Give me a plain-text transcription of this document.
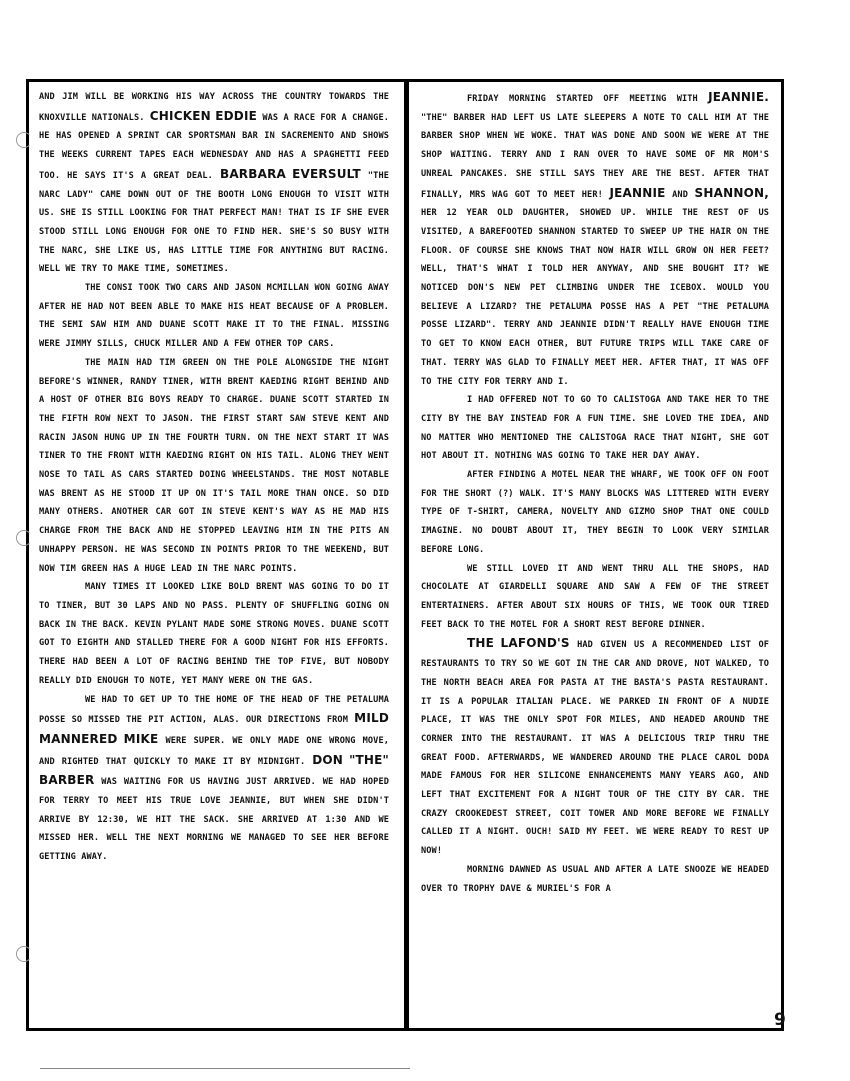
AND JIM WILL BE WORKING HIS WAY ACROSS THE COUNTRY TOWARDS THE KNOXVILLE NATIONALS. CHICKEN EDDIE WAS A RACE FOR A CHANGE. HE HAS OPENED A SPRINT CAR SPORTSMAN BAR IN SACREMENTO AND SHOWS THE WEEKS CURRENT TAPES EACH WEDNESDAY AND HAS A SPAGHETTI FEED TOO. HE SAYS IT'S A GREAT DEAL. BARBARA EVERSULT "THE NARC LADY" CAME DOWN OUT OF THE BOOTH LONG ENOUGH TO VISIT WITH US. SHE IS STILL LOOKING FOR THAT PERFECT MAN! THAT IS IF SHE EVER STOOD STILL LONG ENOUGH FOR ONE TO FIND HER. SHE'S SO BUSY WITH THE NARC, SHE LIKE US, HAS LITTLE TIME FOR ANYTHING BUT RACING. WELL WE TRY TO MAKE TIME, SOMETIMES.

THE CONSI TOOK TWO CARS AND JASON MCMILLAN WON GOING AWAY AFTER HE HAD NOT BEEN ABLE TO MAKE HIS HEAT BECAUSE OF A PROBLEM. THE SEMI SAW HIM AND DUANE SCOTT MAKE IT TO THE FINAL. MISSING WERE JIMMY SILLS, CHUCK MILLER AND A FEW OTHER TOP CARS.

THE MAIN HAD TIM GREEN ON THE POLE ALONGSIDE THE NIGHT BEFORE'S WINNER, RANDY TINER, WITH BRENT KAEDING RIGHT BEHIND AND A HOST OF OTHER BIG BOYS READY TO CHARGE. DUANE SCOTT STARTED IN THE FIFTH ROW NEXT TO JASON. THE FIRST START SAW STEVE KENT AND RACIN JASON HUNG UP IN THE FOURTH TURN. ON THE NEXT START IT WAS TINER TO THE FRONT WITH KAEDING RIGHT ON HIS TAIL. ALONG THEY WENT NOSE TO TAIL AS CARS STARTED DOING WHEELSTANDS. THE MOST NOTABLE WAS BRENT AS HE STOOD IT UP ON IT'S TAIL MORE THAN ONCE. SO DID MANY OTHERS. ANOTHER CAR GOT IN STEVE KENT'S WAY AS HE MAD HIS CHARGE FROM THE BACK AND HE STOPPED LEAVING HIM IN THE PITS AN UNHAPPY PERSON. HE WAS SECOND IN POINTS PRIOR TO THE WEEKEND, BUT NOW TIM GREEN HAS A HUGE LEAD IN THE NARC POINTS.

MANY TIMES IT LOOKED LIKE BOLD BRENT WAS GOING TO DO IT TO TINER, BUT 30 LAPS AND NO PASS. PLENTY OF SHUFFLING GOING ON BACK IN THE BACK. KEVIN PYLANT MADE SOME STRONG MOVES. DUANE SCOTT GOT TO EIGHTH AND STALLED THERE FOR A GOOD NIGHT FOR HIS EFFORTS. THERE HAD BEEN A LOT OF RACING BEHIND THE TOP FIVE, BUT NOBODY REALLY DID ENOUGH TO NOTE, YET MANY WERE ON THE GAS.

WE HAD TO GET UP TO THE HOME OF THE HEAD OF THE PETALUMA POSSE SO MISSED THE PIT ACTION, ALAS. OUR DIRECTIONS FROM MILD MANNERED MIKE WERE SUPER. WE ONLY MADE ONE WRONG MOVE, AND RIGHTED THAT QUICKLY TO MAKE IT BY MIDNIGHT. DON "THE" BARBER WAS WAITING FOR US HAVING JUST ARRIVED. WE HAD HOPED FOR TERRY TO MEET HIS TRUE LOVE JEANNIE, BUT WHEN SHE DIDN'T ARRIVE BY 12:30, WE HIT THE SACK. SHE ARRIVED AT 1:30 AND WE MISSED HER. WELL THE NEXT MORNING WE MANAGED TO SEE HER BEFORE GETTING AWAY.

FRIDAY MORNING STARTED OFF MEETING WITH JEANNIE. "THE" BARBER HAD LEFT US LATE SLEEPERS A NOTE TO CALL HIM AT THE BARBER SHOP WHEN WE WOKE. THAT WAS DONE AND SOON WE WERE AT THE SHOP WAITING. TERRY AND I RAN OVER TO HAVE SOME OF MR MOM'S UNREAL PANCAKES. SHE STILL SAYS THEY ARE THE BEST. AFTER THAT FINALLY, MRS WAG GOT TO MEET HER! JEANNIE AND SHANNON, HER 12 YEAR OLD DAUGHTER, SHOWED UP. WHILE THE REST OF US VISITED, A BAREFOOTED SHANNON STARTED TO SWEEP UP THE HAIR ON THE FLOOR. OF COURSE SHE KNOWS THAT NOW HAIR WILL GROW ON HER FEET? WELL, THAT'S WHAT I TOLD HER ANYWAY, AND SHE BOUGHT IT? WE NOTICED DON'S NEW PET CLIMBING UNDER THE ICEBOX. WOULD YOU BELIEVE A LIZARD? THE PETALUMA POSSE HAS A PET "THE PETALUMA POSSE LIZARD". TERRY AND JEANNIE DIDN'T REALLY HAVE ENOUGH TIME TO GET TO KNOW EACH OTHER, BUT FUTURE TRIPS WILL TAKE CARE OF THAT. TERRY WAS GLAD TO FINALLY MEET HER. AFTER THAT, IT WAS OFF TO THE CITY FOR TERRY AND I.

I HAD OFFERED NOT TO GO TO CALISTOGA AND TAKE HER TO THE CITY BY THE BAY INSTEAD FOR A FUN TIME. SHE LOVED THE IDEA, AND NO MATTER WHO MENTIONED THE CALISTOGA RACE THAT NIGHT, SHE GOT HOT ABOUT IT. NOTHING WAS GOING TO TAKE HER DAY AWAY.

AFTER FINDING A MOTEL NEAR THE WHARF, WE TOOK OFF ON FOOT FOR THE SHORT (?) WALK. IT'S MANY BLOCKS WAS LITTERED WITH EVERY TYPE OF T-SHIRT, CAMERA, NOVELTY AND GIZMO SHOP THAT ONE COULD IMAGINE. NO DOUBT ABOUT IT, THEY BEGIN TO LOOK VERY SIMILAR BEFORE LONG.

WE STILL LOVED IT AND WENT THRU ALL THE SHOPS, HAD CHOCOLATE AT GIARDELLI SQUARE AND SAW A FEW OF THE STREET ENTERTAINERS. AFTER ABOUT SIX HOURS OF THIS, WE TOOK OUR TIRED FEET BACK TO THE MOTEL FOR A SHORT REST BEFORE DINNER.

THE LAFOND'S HAD GIVEN US A RECOMMENDED LIST OF RESTAURANTS TO TRY SO WE GOT IN THE CAR AND DROVE, NOT WALKED, TO THE NORTH BEACH AREA FOR PASTA AT THE BASTA'S PASTA RESTAURANT. IT IS A POPULAR ITALIAN PLACE. WE PARKED IN FRONT OF A NUDIE PLACE, IT WAS THE ONLY SPOT FOR MILES, AND HEADED AROUND THE CORNER INTO THE RESTAURANT. IT WAS A DELICIOUS TRIP THRU THE GREAT FOOD. AFTERWARDS, WE WANDERED AROUND THE PLACE CAROL DODA MADE FAMOUS FOR HER SILICONE ENHANCEMENTS MANY YEARS AGO, AND LEFT THAT EXCITEMENT FOR A NIGHT TOUR OF THE CITY BY CAR. THE CRAZY CROOKEDEST STREET, COIT TOWER AND MORE BEFORE WE FINALLY CALLED IT A NIGHT. OUCH! SAID MY FEET. WE WERE READY TO REST UP NOW!

MORNING DAWNED AS USUAL AND AFTER A LATE SNOOZE WE HEADED OVER TO TROPHY DAVE & MURIEL'S FOR A

9
